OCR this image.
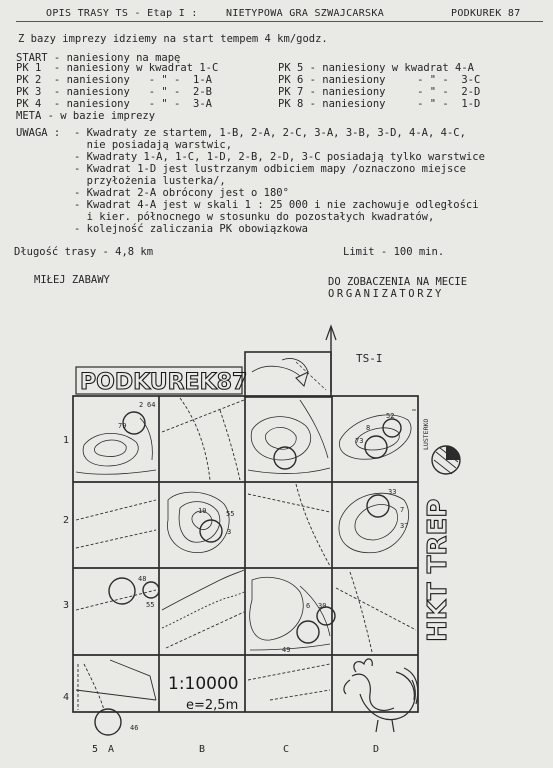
OPIS TRASY TS - Etap I :	NIETYPOWA GRA SZWAJCARSKA	PODKUREK 87
Z bazy imprezy idziemy na start tempem 4 km/godz.
START - naniesiony na mapę
PK 1  - naniesiony w kwadrat 1-C
PK 2  - naniesiony   - " -  1-A
PK 3  - naniesiony   - " -  2-B
PK 4  - naniesiony   - " -  3-A
PK 5 - naniesiony w kwadrat 4-A
PK 6 - naniesiony     - " -  3-C
PK 7 - naniesiony     - " -  2-D
PK 8 - naniesiony     - " -  1-D
META - w bazie imprezy
UWAGA : - Kwadraty ze startem, 1-B, 2-A, 2-C, 3-A, 3-B, 3-D, 4-A, 4-C,
nie posiadają warstwic,
- Kwadraty 1-A, 1-C, 1-D, 2-B, 2-D, 3-C posiadają tylko warstwice
- Kwadrat 1-D jest lustrzanym odbiciem mapy /oznaczono miejsce
przyłożenia lusterka/,
- Kwadrat 2-A obrócony jest o 180°
- Kwadrat 4-A jest w skali 1 : 25 000 i nie zachowuje odległości
i kier. północnego w stosunku do pozostałych kwadratów,
- kolejność zaliczania PK obowiązkowa
Długość trasy - 4,8 km	Limit - 100 min.
MIŁEJ ZABAWY	DO ZOBACZENIA NA MECIE
ORGANIZATORZY
PODKUREK87
TS-I
HKT TREP
LUSTERKO
1:10000
e=2,5m
1
2
3
4
5 A	B	C	D
2 64
79
73
8
52
19	55
3
33
7
37
48
55	6 30
49
46
